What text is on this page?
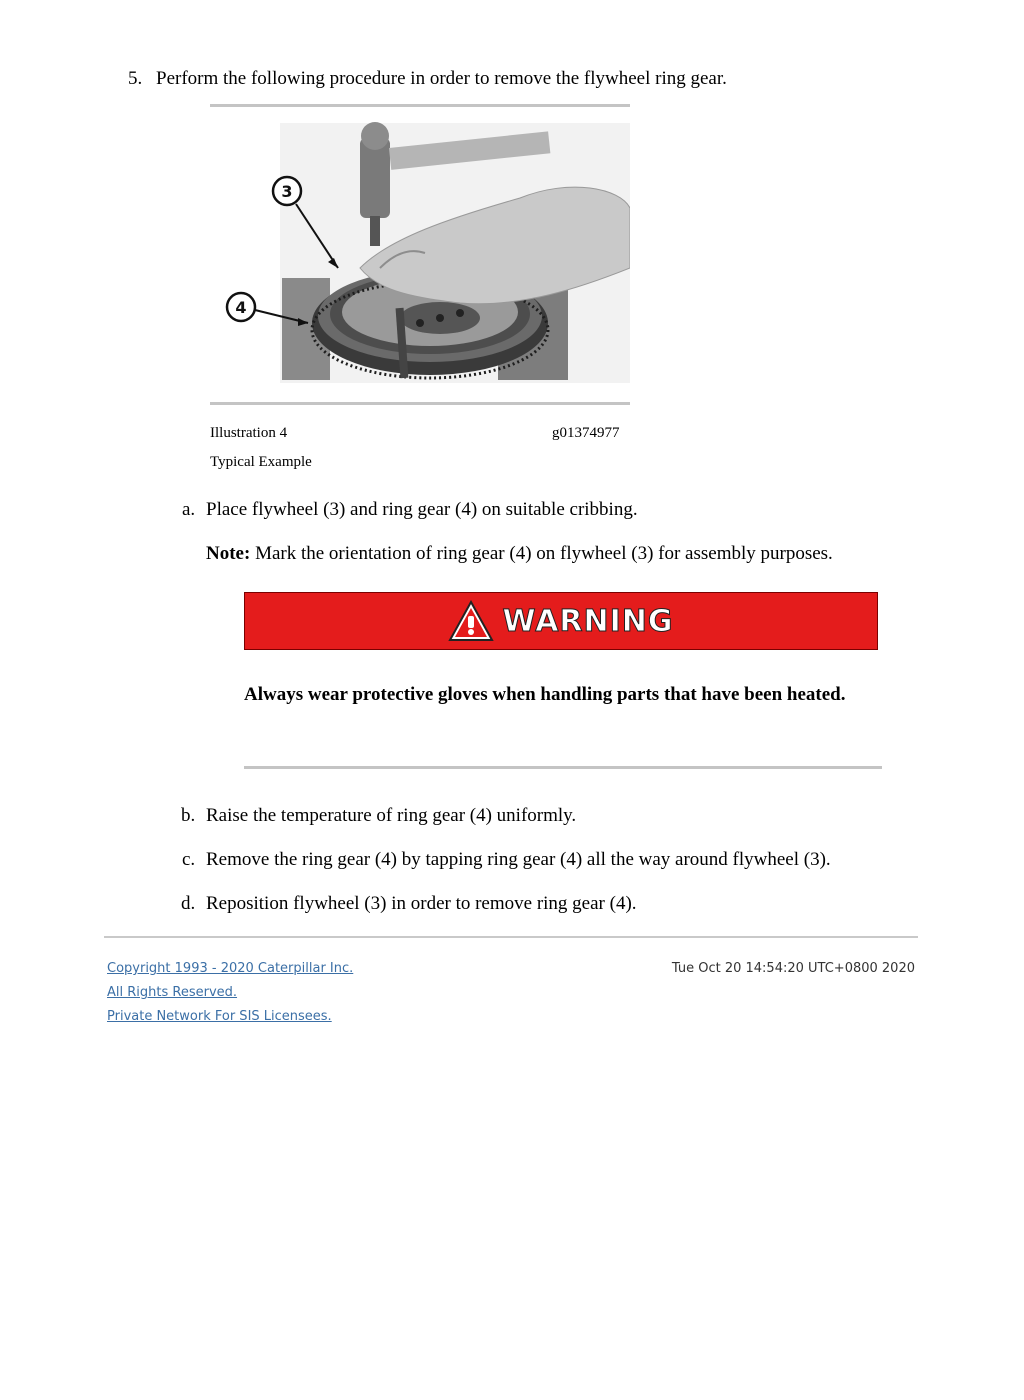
5. Perform the following procedure in order to remove the flywheel ring gear.
3
4
Illustration 4	g01374977
Typical Example
a. Place flywheel (3) and ring gear (4) on suitable cribbing.
Note: Mark the orientation of ring gear (4) on flywheel (3) for assembly purposes.
WARNING
Always wear protective gloves when handling parts that have been heated.
b. Raise the temperature of ring gear (4) uniformly.
c. Remove the ring gear (4) by tapping ring gear (4) all the way around flywheel (3).
d. Reposition flywheel (3) in order to remove ring gear (4).
Copyright 1993 - 2020 Caterpillar Inc.
All Rights Reserved.
Private Network For SIS Licensees.
Tue Oct 20 14:54:20 UTC+0800 2020
